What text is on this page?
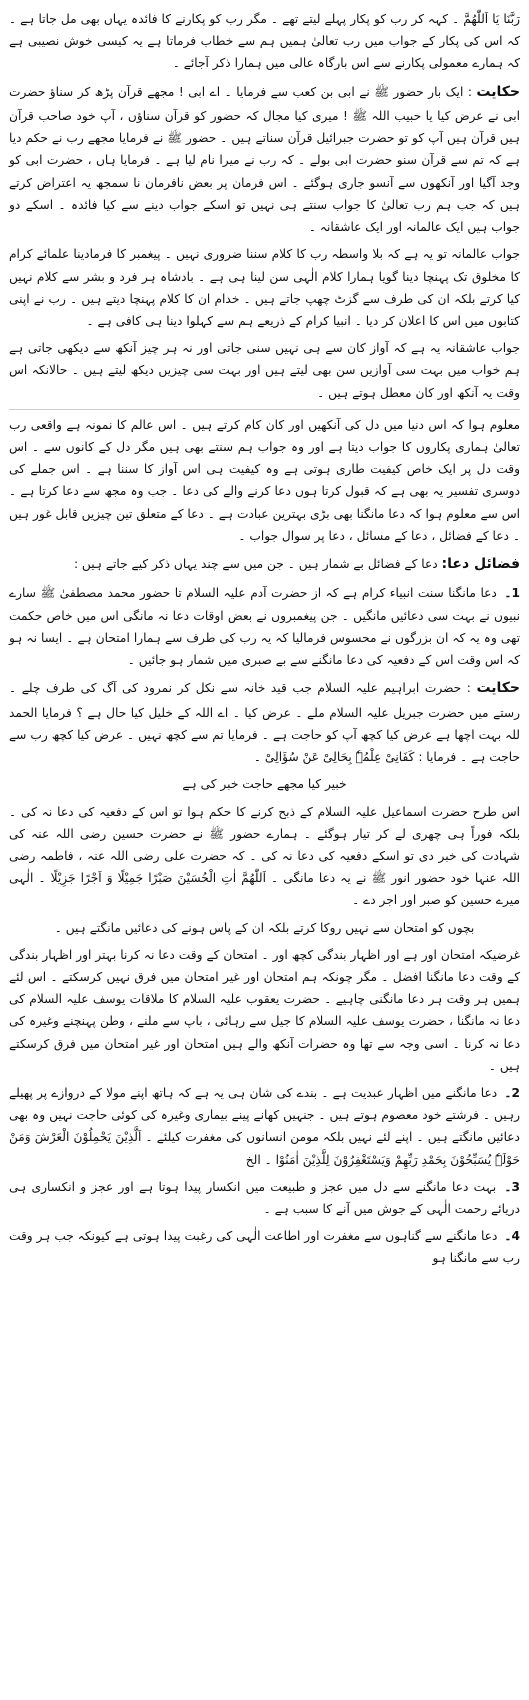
رَبَّنَا يَا اَللّٰھُمَّ ۔ کہہ کر رب کو پکار پہلے لیتے تھے ۔ مگر رب کو پکارنے کا فائدہ یہاں بھی مل جاتا ہے ۔ کہ اس کی پکار کے جواب میں رب تعالیٰ ہمیں ہم سے خطاب فرماتا ہے یہ کیسی خوش نصیبی ہے کہ ہمارے معمولی پکارنے سے اس بارگاہ عالی میں ہمارا ذکر آجائے ۔

حکایت : ایک بار حضور ﷺ نے ابی بن کعب سے فرمایا ۔ اے ابی ! مجھے قرآن پڑھ کر سناؤ حضرت ابی نے عرض کیا یا حبیب اللہ ﷺ ! میری کیا مجال کہ حضور کو قرآن سناؤں ، آپ خود صاحب قرآن ہیں قرآن ہیں آپ کو تو حضرت جبرائیل قرآن سناتے ہیں ۔ حضور ﷺ نے فرمایا مجھے رب نے حکم دیا ہے کہ تم سے قرآن سنو حضرت ابی بولے ۔ کہ رب نے میرا نام لیا ہے ۔ فرمایا ہاں ، حضرت ابی کو وجد آگیا اور آنکھوں سے آنسو جاری ہوگئے ۔ اس فرمان پر بعض نافرمان نا سمجھ یہ اعتراض کرتے ہیں کہ جب ہم رب تعالیٰ کا جواب سنتے ہی نہیں تو اسکے جواب دینے سے کیا فائدہ ۔ اسکے دو جواب ہیں ایک عالمانہ اور ایک عاشقانہ ۔

جواب عالمانہ تو یہ ہے کہ بلا واسطہ رب کا کلام سننا ضروری نہیں ۔ پیغمبر کا فرمادینا علمائے کرام کا مخلوق تک پہنچا دینا گویا ہمارا کلام الٰہی سن لینا ہی ہے ۔ بادشاہ ہر فرد و بشر سے کلام نہیں کیا کرتے بلکہ ان کی طرف سے گزٹ چھپ جاتے ہیں ۔ خدام ان کا کلام پہنچا دیتے ہیں ۔ رب نے اپنی کتابوں میں اس کا اعلان کر دیا ۔ انبیا کرام کے ذریعے ہم سے کہلوا دینا ہی کافی ہے ۔

جواب عاشقانہ یہ ہے کہ آواز کان سے ہی نہیں سنی جاتی اور نہ ہر چیز آنکھ سے دیکھی جاتی ہے ہم خواب میں بہت سی آوازیں سن بھی لیتے ہیں اور بہت سی چیزیں دیکھ لیتے ہیں ۔ حالانکہ اس وقت یہ آنکھ اور کان معطل ہوتے ہیں ۔

معلوم ہوا کہ اس دنیا میں دل کی آنکھیں اور کان کام کرتے ہیں ۔ اس عالم کا نمونہ ہے واقعی رب تعالیٰ ہماری پکاروں کا جواب دیتا ہے اور وہ جواب ہم سنتے بھی ہیں مگر دل کے کانوں سے ۔ اس وقت دل پر ایک خاص کیفیت طاری ہوتی ہے وہ کیفیت ہی اس آواز کا سننا ہے ۔ اس جملے کی دوسری تفسیر یہ بھی ہے کہ قبول کرتا ہوں دعا کرنے والے کی دعا ۔ جب وہ مجھ سے دعا کرتا ہے ۔ اس سے معلوم ہوا کہ دعا مانگنا بھی بڑی بہترین عبادت ہے ۔ دعا کے متعلق تین چیزیں قابل غور ہیں ۔ دعا کے فضائل ، دعا کے مسائل ، دعا پر سوال جواب ۔

فضائل دعا: دعا کے فضائل بے شمار ہیں ۔ جن میں سے چند یہاں ذکر کیے جاتے ہیں :

1۔ دعا مانگنا سنت انبیاء کرام ہے کہ از حضرت آدم علیہ السلام تا حضور محمد مصطفیٰ ﷺ سارے نبیوں نے بہت سی دعائیں مانگیں ۔ جن پیغمبروں نے بعض اوقات دعا نہ مانگی اس میں خاص حکمت تھی وہ یہ کہ ان بزرگوں نے محسوس فرمالیا کہ یہ رب کی طرف سے ہمارا امتحان ہے ۔ ایسا نہ ہو کہ اس وقت اس کے دفعیہ کی دعا مانگنے سے بے صبری میں شمار ہو جائیں ۔

حکایت : حضرت ابراہیم علیہ السلام جب قید خانہ سے نکل کر نمرود کی آگ کی طرف چلے ۔ رستے میں حضرت جبریل علیہ السلام ملے ۔ عرض کیا ۔ اے اللہ کے خلیل کیا حال ہے ؟ فرمایا الحمد للہ بہت اچھا ہے عرض کیا کچھ آپ کو حاجت ہے ۔ فرمایا تم سے کچھ نہیں ۔ عرض کیا کچھ رب سے حاجت ہے ۔ فرمایا : کَفَانِیْ عِلْمُہٗ بِحَالِیْ عَنْ سُؤَالِیْ ۔

خبیر کیا مجھے حاجت خبر کی ہے

اس طرح حضرت اسماعیل علیہ السلام کے ذبح کرنے کا حکم ہوا تو اس کے دفعیہ کی دعا نہ کی ۔ بلکہ فوراً ہی چھری لے کر تیار ہوگئے ۔ ہمارے حضور ﷺ نے حضرت حسین رضی اللہ عنہ کی شہادت کی خبر دی تو اسکے دفعیہ کی دعا نہ کی ۔ کہ حضرت علی رضی اللہ عنہ ، فاطمہ رضی اللہ عنہا خود حضور انور ﷺ نے یہ دعا مانگی ۔ اَللّٰھُمَّ اٰتِ الْحُسَیْنَ صَبْرًا جَمِیْلًا وَ اَجْرًا جَزِیْلًا ۔ الٰہی میرے حسین کو صبر اور اجر دے ۔

بچوں کو امتحان سے نہیں روکا کرتے بلکہ ان کے پاس ہونے کی دعائیں مانگتے ہیں ۔

غرضیکہ امتحان اور ہے اور اظہار بندگی کچھ اور ۔ امتحان کے وقت دعا نہ کرنا بہتر اور اظہار بندگی کے وقت دعا مانگنا افضل ۔ مگر چونکہ ہم امتحان اور غیر امتحان میں فرق نہیں کرسکتے ۔ اس لئے ہمیں ہر وقت ہر دعا مانگنی چاہیے ۔ حضرت یعقوب علیہ السلام کا ملاقات یوسف علیہ السلام کی دعا نہ مانگنا ، حضرت یوسف علیہ السلام کا جیل سے رہائی ، باپ سے ملنے ، وطن پہنچنے وغیرہ کی دعا نہ کرنا ۔ اسی وجہ سے تھا وہ حضرات آنکھ والے ہیں امتحان اور غیر امتحان میں فرق کرسکتے ہیں ۔

2۔ دعا مانگنے میں اظہار عبدیت ہے ۔ بندے کی شان ہی یہ ہے کہ ہاتھ اپنے مولا کے دروازے پر پھیلے رہیں ۔ فرشتے خود معصوم ہوتے ہیں ۔ جنہیں کھانے پینے بیماری وغیرہ کی کوئی حاجت نہیں وہ بھی دعائیں مانگتے ہیں ۔ اپنے لئے نہیں بلکہ مومن انسانوں کی مغفرت کیلئے ۔ اَلَّذِیْنَ یَحْمِلُوْنَ الْعَرْشَ وَمَنْ حَوْلَہٗ یُسَبِّحُوْنَ بِحَمْدِ رَبِّھِمْ وَیَسْتَغْفِرُوْنَ لِلَّذِیْنَ اٰمَنُوْا ۔ الخ

3۔ بہت دعا مانگنے سے دل میں عجز و طبیعت میں انکسار پیدا ہوتا ہے اور عجز و انکساری ہی دریائے رحمت الٰہی کے جوش میں آنے کا سبب ہے ۔

4۔ دعا مانگنے سے گناہوں سے مغفرت اور اطاعت الٰہی کی رغبت پیدا ہوتی ہے کیونکہ جب ہر وقت رب سے مانگنا ہو
